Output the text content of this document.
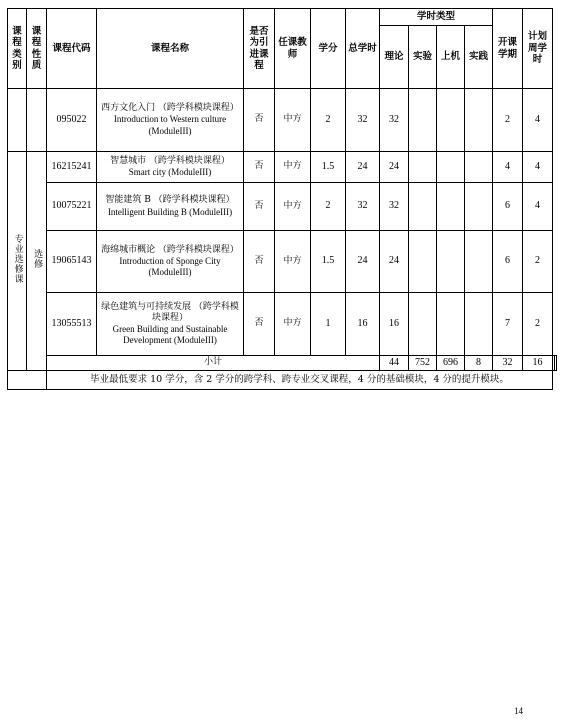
课程类别	课程性质	课程代码	课程名称	是否为引进课程	任课教师	学分	总学时	学时类型				开课学期	计划周学时		
								理论	实验	上机	实践				
		095022	西方文化入门 （跨学科模块课程）
Introduction to Western culture (ModuleIII)	否	中方	2	32	32				2	4		
专业选修课	选修	16215241	智慧城市 （跨学科模块课程）
Smart city (ModuleIII)	否	中方	1.5	24	24				4	4		
		10075221	智能建筑 B （跨学科模块课程）
Intelligent Building B (ModuleIII)	否	中方	2	32	32				6	4		
		19065143	海绵城市概论 （跨学科模块课程）
Introduction of Sponge City (ModuleIII)	否	中方	1.5	24	24				6	2		
		13055513	绿色建筑与可持续发展 （跨学科模块课程）
Green Building and Sustainable Development (ModuleIII)	否	中方	1	16	16				7	2		
		小计						44	752	696	8	32	16		
		毕业最低要求 10 学分，含 2 学分的跨学科、跨专业交叉课程，4 分的基础模块，4 分的提升模块。													
14
